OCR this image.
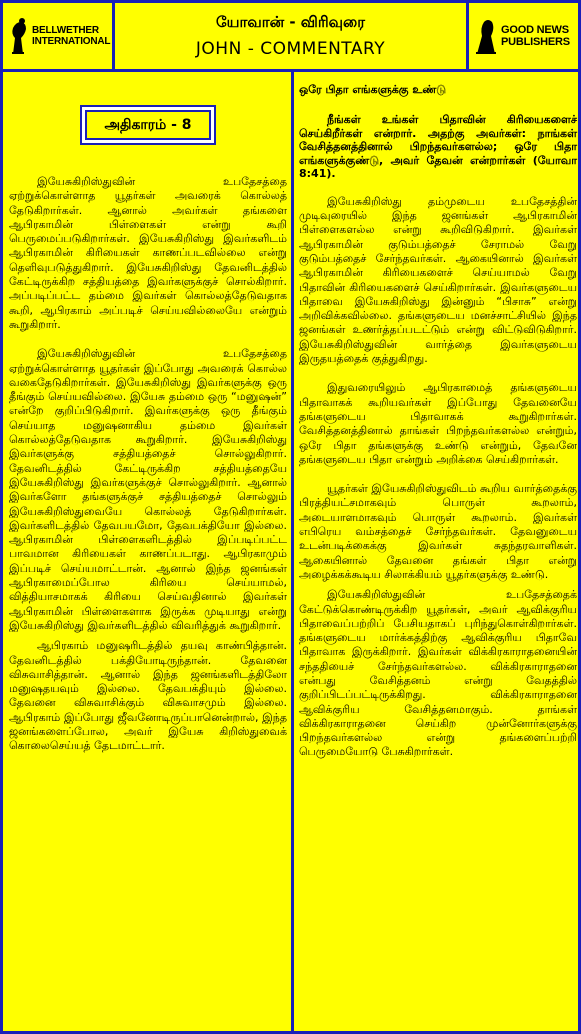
BELLWETHER INTERNATIONAL
யோவான் - விரிவுரை
JOHN - COMMENTARY
GOOD NEWS PUBLISHERS
அதிகாரம் - 8

இயேசுகிறிஸ்துவின் உபதேசத்தை ஏற்றுக்கொள்ளாத யூதர்கள் அவரைக் கொல்லத் தேடுகிறார்கள். ஆனால் அவர்கள் தங்களை ஆபிரகாமின் பிள்ளைகள் என்று கூறி பெருமைப்படுகிறார்கள். இயேசுகிறிஸ்து இவர்களிடம் ஆபிரகாமின் கிரியைகள் காணப்படவில்லை என்று தெளிவுபடுத்துகிறார். இயேசுகிறிஸ்து தேவனிடத்தில் கேட்டிருக்கிற சத்தியத்தை இவர்களுக்குச் சொல்கிறார். அப்படிப்பட்ட தம்மை இவர்கள் கொல்லத்தேடுவதாக கூறி, ஆபிரகாம் அப்படிச் செய்யவில்லையே என்றும் கூறுகிறார்.

இயேசுகிறிஸ்துவின் உபதேசத்தை ஏற்றுக்கொள்ளாத யூதர்கள் இப்போது அவரைக் கொல்ல வகைதேடுகிறார்கள். இயேசுகிறிஸ்து இவர்களுக்கு ஒரு தீங்கும் செய்யவில்லை. இயேசு தம்மை ஒரு “மனுஷன்” என்றே குறிப்பிடுகிறார். இவர்களுக்கு ஒரு தீங்கும் செய்யாத மனுஷனாகிய தம்மை இவர்கள் கொல்லத்தேடுவதாக கூறுகிறார். இயேசுகிறிஸ்து இவர்களுக்கு சத்தியத்தைச் சொல்லுகிறார். தேவனிடத்தில் கேட்டிருக்கிற சத்தியத்தையே இயேசுகிறிஸ்து இவர்களுக்குச் சொல்லுகிறார். ஆனால் இவர்களோ தங்களுக்குச் சத்தியத்தைச் சொல்லும் இயேசுகிறிஸ்துவையே கொல்லத் தேடுகிறார்கள். இவர்களிடத்தில் தேவபயமோ, தேவபக்தியோ இல்லை. ஆபிரகாமின் பிள்ளைகளிடத்தில் இப்படிப்பட்ட பாவமான கிரியைகள் காணப்படாது. ஆபிரகாமும் இப்படிச் செய்யமாட்டான். ஆனால் இந்த ஜனங்கள் ஆபிரகாமைப்போல கிரியை செய்யாமல், வித்தியாசமாகக் கிரியை செய்வதினால் இவர்கள் ஆபிரகாமின் பிள்ளைகளாக இருக்க முடியாது என்று இயேசுகிறிஸ்து இவர்களிடத்தில் விவரித்துக் கூறுகிறார்.

ஆபிரகாம் மனுஷரிடத்தில் தயவு காண்பித்தான். தேவனிடத்தில் பக்தியோடிருந்தான். தேவனை விசுவாசித்தான். ஆனால் இந்த ஜனங்களிடத்திலோ மனுஷதயவும் இல்லை. தேவபக்தியும் இல்லை. தேவனை விசுவாசிக்கும் விசுவாசமும் இல்லை. ஆபிரகாம் இப்போது ஜீவனோடிருப்பானென்றால், இந்த ஜனங்களைப்போல, அவர் இயேசு கிறிஸ்துவைக் கொலைசெய்யத் தேடமாட்டார்.

ஒரே பிதா எங்களுக்கு உண்டு

நீங்கள் உங்கள் பிதாவின் கிரியைகளைச் செய்கிறீர்கள் என்றார். அதற்கு அவர்கள்: நாங்கள் வேசித்தனத்தினால் பிறந்தவர்களல்ல; ஒரே பிதா எங்களுக்குண்டு, அவர் தேவன் என்றார்கள் (யோவா 8:41).

இயேசுகிறிஸ்து தம்முடைய உபதேசத்தின் முடிவுரையில் இந்த ஜனங்கள் ஆபிரகாமின் பிள்ளைகளல்ல என்று கூறிவிடுகிறார். இவர்கள் ஆபிரகாமின் குடும்பத்தைச் சேராமல் வேறு குடும்பத்தைச் சேர்ந்தவர்கள். ஆகையினால் இவர்கள் ஆபிரகாமின் கிரியைகளைச் செய்யாமல் வேறு பிதாவின் கிரியைகளைச் செய்கிறார்கள். இவர்களுடைய பிதாவை இயேசுகிறிஸ்து இன்னும் “பிசாசு” என்று அறிவிக்கவில்லை. தங்களுடைய மனச்சாட்சியில் இந்த ஜனங்கள் உணர்த்தப்படட்டும் என்று விட்டுவிடுகிறார். இயேசுகிறிஸ்துவின் வார்த்தை இவர்களுடைய இருதயத்தைக் குத்துகிறது.

இதுவரையிலும் ஆபிரகாமைத் தங்களுடைய பிதாவாகக் கூறியவர்கள் இப்போது தேவனையே தங்களுடைய பிதாவாகக் கூறுகிறார்கள். வேசித்தனத்தினால் தாங்கள் பிறந்தவர்களல்ல என்றும், ஒரே பிதா தங்களுக்கு உண்டு என்றும், தேவனே தங்களுடைய பிதா என்றும் அறிக்கை செய்கிறார்கள்.

யூதர்கள் இயேசுகிறிஸ்துவிடம் கூறிய வார்த்தைக்கு பிரத்தியட்சமாகவும் பொருள் கூறலாம், அடையாளமாகவும் பொருள் கூறலாம். இவர்கள் எபிரெய வம்சத்தைச் சேர்ந்தவர்கள். தேவனுடைய உடன்படிக்கைக்கு இவர்கள் சுதந்தரவாளிகள். ஆகையினால் தேவனை தங்கள் பிதா என்று அழைக்கக்கூடிய சிலாக்கியம் யூதர்களுக்கு உண்டு.

இயேசுகிறிஸ்துவின் உபதேசத்தைக் கேட்டுக்கொண்டிருக்கிற யூதர்கள், அவர் ஆவிக்குரிய பிதாவைப்பற்றிப் பேசியதாகப் புரிந்துகொள்கிறார்கள். தங்களுடைய மார்க்கத்திற்கு ஆவிக்குரிய பிதாவே பிதாவாக இருக்கிறார். இவர்கள் விக்கிரகாராதனையின் சந்ததியைச் சேர்ந்தவர்களல்ல. விக்கிரகாராதனை என்பது வேசித்தனம் என்று வேதத்தில் குறிப்பிடப்பட்டிருக்கிறது. விக்கிரகாராதனை ஆவிக்குரிய வேசித்தனமாகும். தாங்கள் விக்கிரகாராதனை செய்கிற முன்னோர்களுக்கு பிறந்தவர்களல்ல என்று தங்களைப்பற்றி பெருமையோடு பேசுகிறார்கள்.
